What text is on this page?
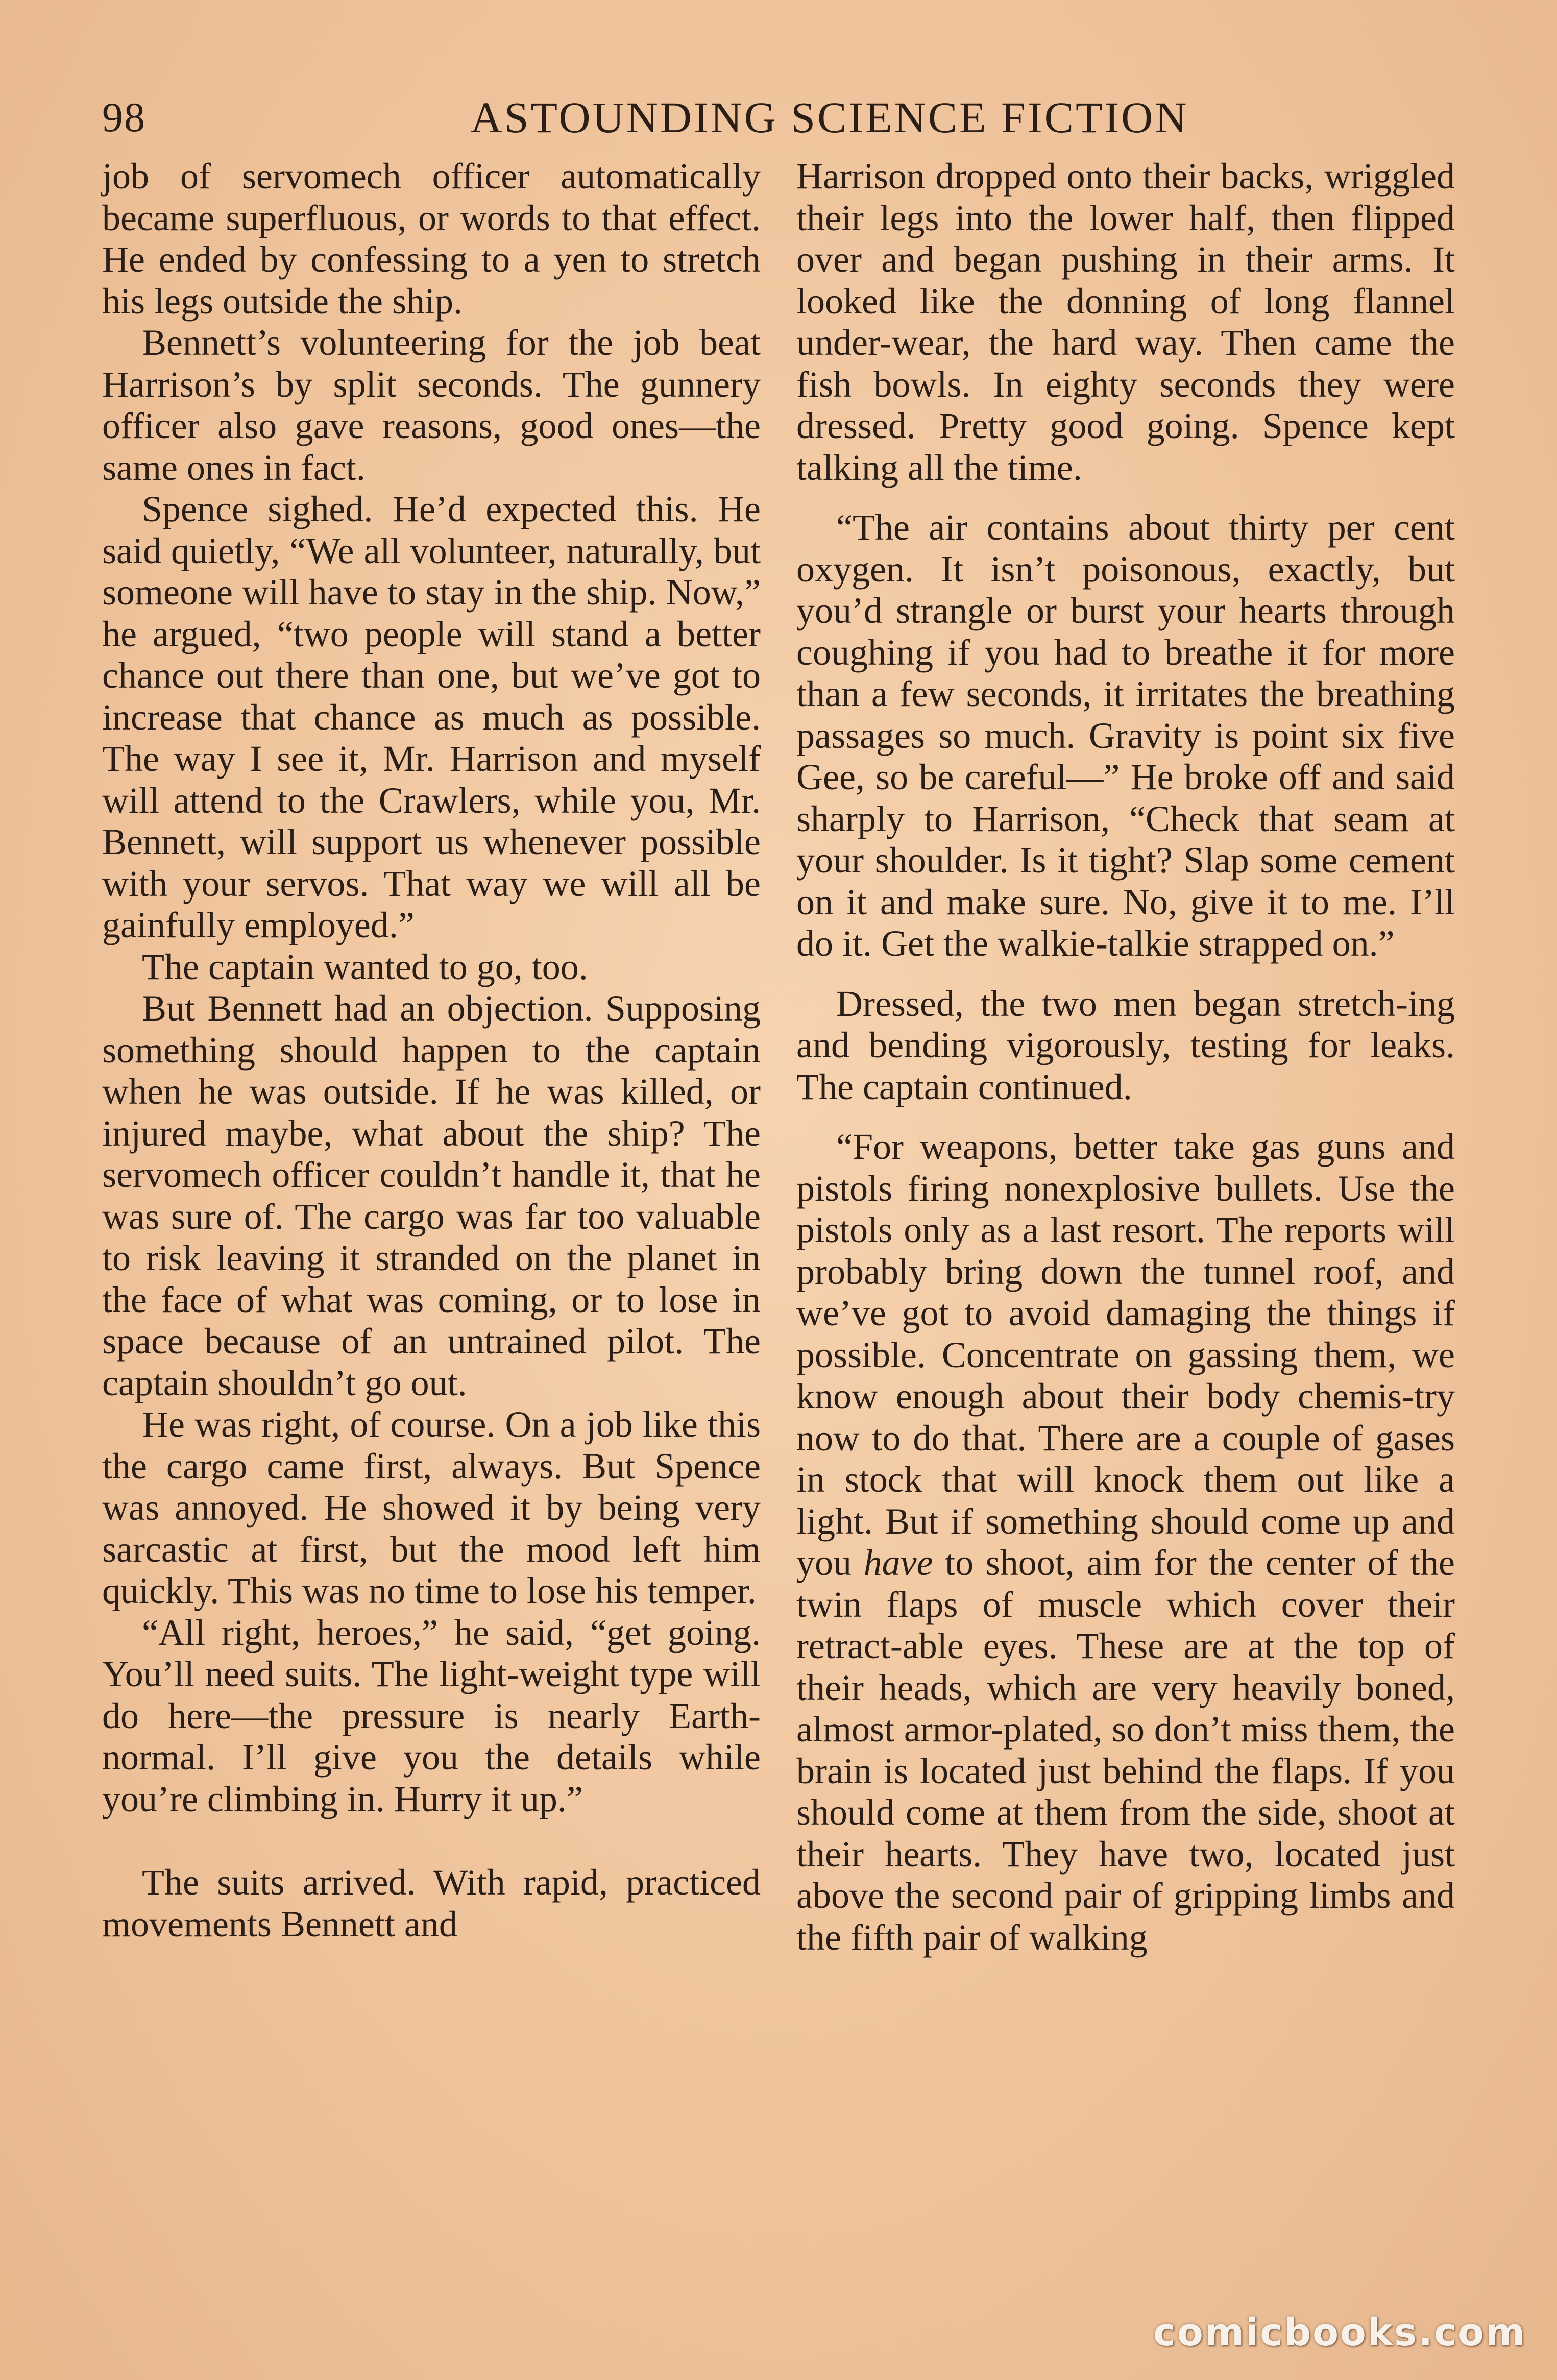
98	ASTOUNDING SCIENCE FICTION

job of servomech officer automatically became superfluous, or words to that effect. He ended by confessing to a yen to stretch his legs outside the ship.

Bennett’s volunteering for the job beat Harrison’s by split seconds. The gunnery officer also gave reasons, good ones—the same ones in fact.

Spence sighed. He’d expected this. He said quietly, “We all volunteer, naturally, but someone will have to stay in the ship. Now,” he argued, “two people will stand a better chance out there than one, but we’ve got to increase that chance as much as possible. The way I see it, Mr. Harrison and myself will attend to the Crawlers, while you, Mr. Bennett, will support us whenever possible with your servos. That way we will all be gainfully employed.”

The captain wanted to go, too.

But Bennett had an objection. Supposing something should happen to the captain when he was outside. If he was killed, or injured maybe, what about the ship? The servomech officer couldn’t handle it, that he was sure of. The cargo was far too valuable to risk leaving it stranded on the planet in the face of what was coming, or to lose in space because of an untrained pilot. The captain shouldn’t go out.

He was right, of course. On a job like this the cargo came first, always. But Spence was annoyed. He showed it by being very sarcastic at first, but the mood left him quickly. This was no time to lose his temper.

“All right, heroes,” he said, “get going. You’ll need suits. The light-weight type will do here—the pressure is nearly Earth-normal. I’ll give you the details while you’re climbing in. Hurry it up.”

The suits arrived. With rapid, practiced movements Bennett and

Harrison dropped onto their backs, wriggled their legs into the lower half, then flipped over and began pushing in their arms. It looked like the donning of long flannel under-wear, the hard way. Then came the fish bowls. In eighty seconds they were dressed. Pretty good going. Spence kept talking all the time.

“The air contains about thirty per cent oxygen. It isn’t poisonous, exactly, but you’d strangle or burst your hearts through coughing if you had to breathe it for more than a few seconds, it irritates the breathing passages so much. Gravity is point six five Gee, so be careful—” He broke off and said sharply to Harrison, “Check that seam at your shoulder. Is it tight? Slap some cement on it and make sure. No, give it to me. I’ll do it. Get the walkie-talkie strapped on.”

Dressed, the two men began stretch-ing and bending vigorously, testing for leaks. The captain continued.

“For weapons, better take gas guns and pistols firing nonexplosive bullets. Use the pistols only as a last resort. The reports will probably bring down the tunnel roof, and we’ve got to avoid damaging the things if possible. Concentrate on gassing them, we know enough about their body chemis-try now to do that. There are a couple of gases in stock that will knock them out like a light. But if something should come up and you have to shoot, aim for the center of the twin flaps of muscle which cover their retract-able eyes. These are at the top of their heads, which are very heavily boned, almost armor-plated, so don’t miss them, the brain is located just behind the flaps. If you should come at them from the side, shoot at their hearts. They have two, located just above the second pair of gripping limbs and the fifth pair of walking

comicbooks.com
